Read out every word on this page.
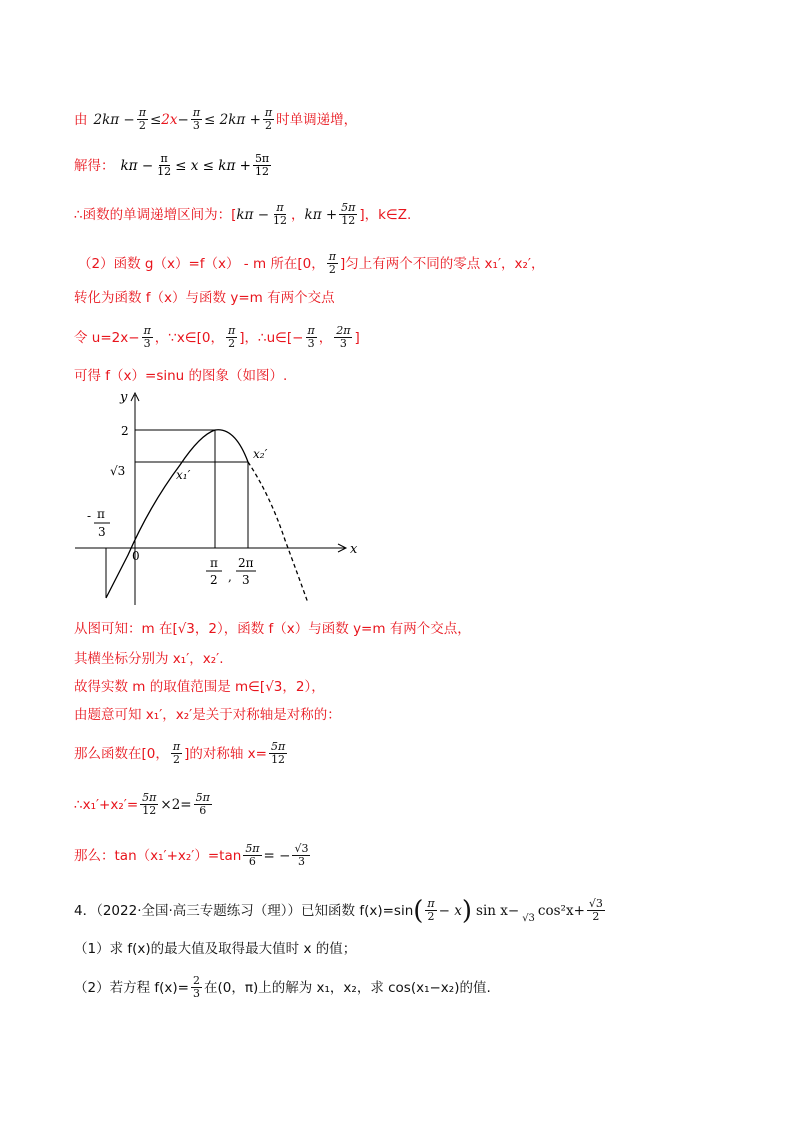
由 $2k\pi - \frac{\pi}{2} \le 2x - \frac{\pi}{3} \le 2k\pi + \frac{\pi}{2}$ 时单调递增，
解得： $k\pi - \frac{\pi}{12} \le x \le k\pi + \frac{5\pi}{12}$
∴函数的单调递增区间为：[ $k\pi - \frac{\pi}{12}$ ， $k\pi + \frac{5\pi}{12}$ ]，k∈Z.
（2）函数 g（x）=f（x） - m 所在[0， $\frac{\pi}{2}$ ]匀上有两个不同的零点 x₁′，x₂′，
转化为函数 f（x）与函数 y=m 有两个交点
令 $u=2x- \frac{\pi}{3}$ ，∵x∈[0， $\frac{\pi}{2}$ ]，∴u∈[− $\frac{\pi}{3}$ ， $\frac{2\pi}{3}$ ]
可得 f（x）=sinu 的图象（如图）.
y
x
0
2
√3
- π
3
x₁′
x₂′
π
2 ,
2π
3
从图可知：m 在[√3，2），函数 f（x）与函数 y=m 有两个交点，
其横坐标分别为 x₁′，x₂′.
故得实数 m 的取值范围是 m∈[√3，2），
由题意可知 x₁′，x₂′是关于对称轴是对称的：
那么函数在[0， $\frac{\pi}{2}$ ]的对称轴 $x= \frac{5\pi}{12}$
∴x₁′+x₂′= $\frac{5\pi}{12} \times 2= \frac{5\pi}{6}$
那么：$\tan(x_1'+x_2')=\tan \frac{5\pi}{6}$ = − $\frac{√3}{3}$
4．（2022·全国·高三专题练习（理））已知函数 f(x)=sin ( $\frac{\pi}{2} - x$ ) sin x− √3 $\cos^2x+ \frac{√3}{2}$
（1）求 f(x)的最大值及取得最大值时 x 的值；
（2）若方程 $f(x)= \frac{2}{3}$ 在(0，π)上的解为 x₁，x₂，求 cos(x₁−x₂)的值.
